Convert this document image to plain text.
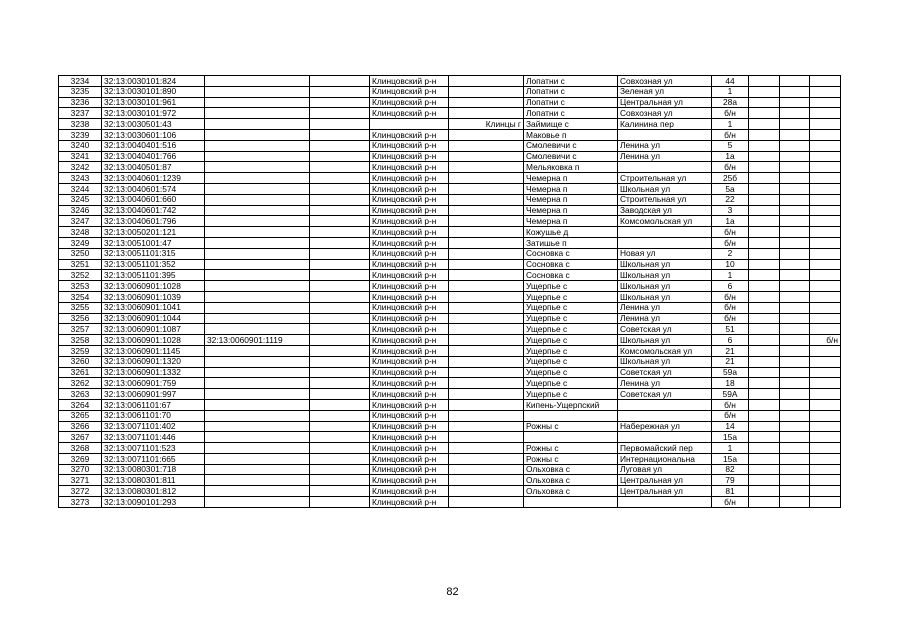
3234	32:13:0030101:824			Клинцовский р-н		Лопатни с	Совхозная ул	44			
3235	32:13:0030101:890			Клинцовский р-н		Лопатни с	Зеленая ул	1			
3236	32:13:0030101:961			Клинцовский р-н		Лопатни с	Центральная ул	28а			
3237	32:13:0030101:972			Клинцовский р-н		Лопатни с	Совхозная ул	б/н			
3238	32:13:0030501:43				Клинцы г	Займище с	Калинина пер	1			
3239	32:13:0030601:106			Клинцовский р-н		Маковье п		б/н			
3240	32:13:0040401:516			Клинцовский р-н		Смолевичи с	Ленина ул	5			
3241	32:13:0040401:766			Клинцовский р-н		Смолевичи с	Ленина ул	1а			
3242	32:13:0040501:87			Клинцовский р-н		Мельяковка п		б/н			
3243	32:13:0040601:1239			Клинцовский р-н		Чемерна п	Строительная ул	25б			
3244	32:13:0040601:574			Клинцовский р-н		Чемерна п	Школьная ул	5а			
3245	32:13:0040601:660			Клинцовский р-н		Чемерна п	Строительная ул	22			
3246	32:13:0040601:742			Клинцовский р-н		Чемерна п	Заводская ул	3			
3247	32:13:0040601:796			Клинцовский р-н		Чемерна п	Комсомольская ул	1а			
3248	32:13:0050201:121			Клинцовский р-н		Кожушье д		б/н			
3249	32:13:0051001:47			Клинцовский р-н		Затишье п		б/н			
3250	32:13:0051101:315			Клинцовский р-н		Сосновка с	Новая ул	2			
3251	32:13:0051101:352			Клинцовский р-н		Сосновка с	Школьная ул	10			
3252	32:13:0051101:395			Клинцовский р-н		Сосновка с	Школьная ул	1			
3253	32:13:0060901:1028			Клинцовский р-н		Ущерпье с	Школьная ул	6			
3254	32:13:0060901:1039			Клинцовский р-н		Ущерпье с	Школьная ул	б/н			
3255	32:13:0060901:1041			Клинцовский р-н		Ущерпье с	Ленина ул	б/н			
3256	32:13:0060901:1044			Клинцовский р-н		Ущерпье с	Ленина ул	б/н			
3257	32:13:0060901:1087			Клинцовский р-н		Ущерпье с	Советская ул	51			
3258	32:13:0060901:1028	32:13:0060901:1119		Клинцовский р-н		Ущерпье с	Школьная ул	6			б/н
3259	32:13:0060901:1145			Клинцовский р-н		Ущерпье с	Комсомольская ул	21			
3260	32:13:0060901:1320			Клинцовский р-н		Ущерпье с	Школьная ул	21			
3261	32:13:0060901:1332			Клинцовский р-н		Ущерпье с	Советская ул	59а			
3262	32:13:0060901:759			Клинцовский р-н		Ущерпье с	Ленина ул	18			
3263	32:13:0060901:997			Клинцовский р-н		Ущерпье с	Советская ул	59А			
3264	32:13:0061101:67			Клинцовский р-н		Кипень-Ущерпский		б/н			
3265	32:13:0061101:70			Клинцовский р-н				б/н			
3266	32:13:0071101:402			Клинцовский р-н		Рожны с	Набережная ул	14			
3267	32:13:0071101:446			Клинцовский р-н				15а			
3268	32:13:0071101:523			Клинцовский р-н		Рожны с	Первомайский пер	1			
3269	32:13:0071101:665			Клинцовский р-н		Рожны с	Интернациональна	15а			
3270	32:13:0080301:718			Клинцовский р-н		Ольховка с	Луговая ул	82			
3271	32:13:0080301:811			Клинцовский р-н		Ольховка с	Центральная ул	79			
3272	32:13:0080301:812			Клинцовский р-н		Ольховка с	Центральная ул	81			
3273	32:13:0090101:293			Клинцовский р-н				б/н			
82
